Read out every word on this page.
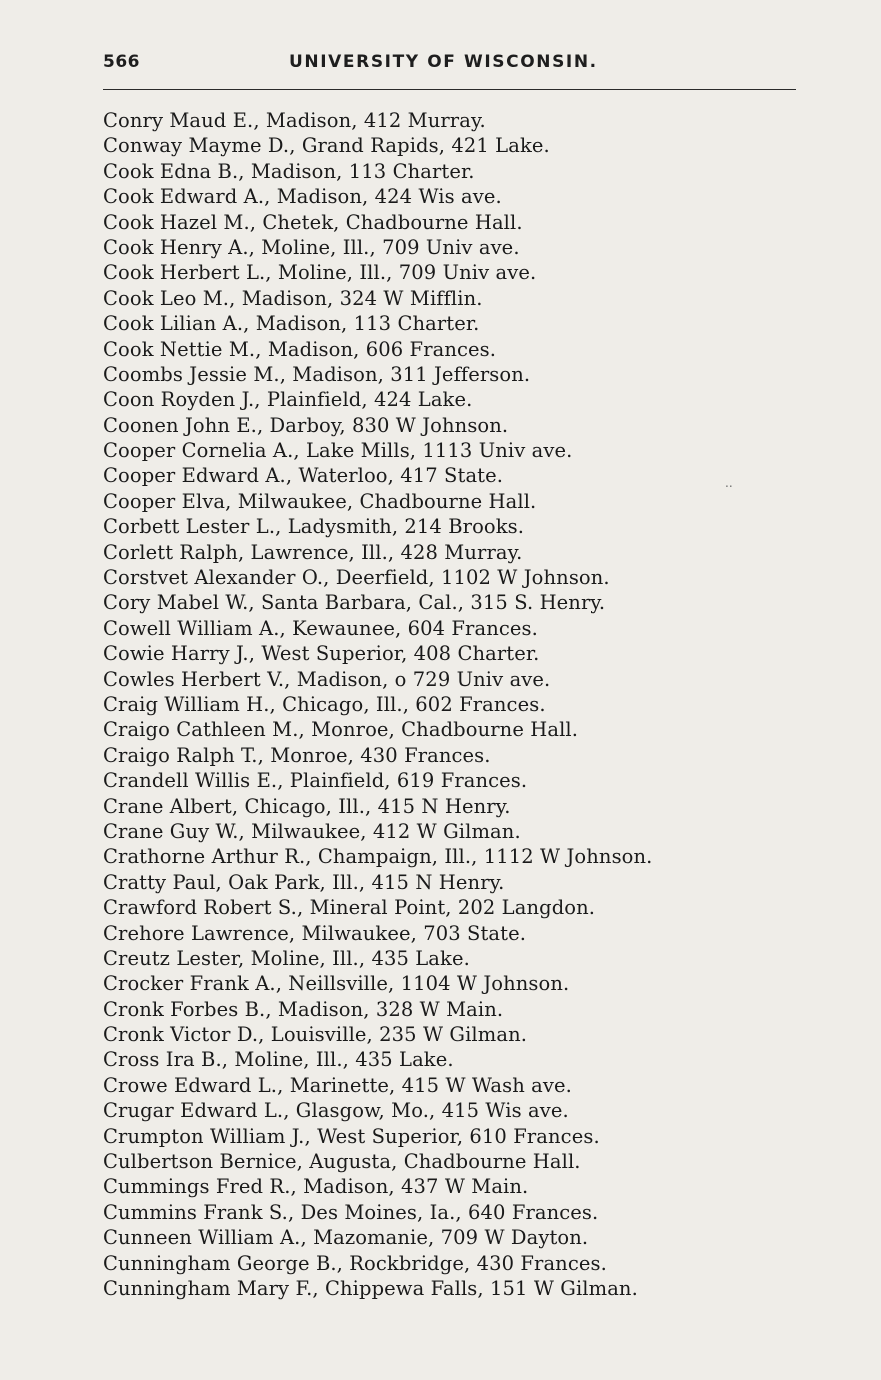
566	UNIVERSITY OF WISCONSIN.
Conry Maud E., Madison, 412 Murray.
Conway Mayme D., Grand Rapids, 421 Lake.
Cook Edna B., Madison, 113 Charter.
Cook Edward A., Madison, 424 Wis ave.
Cook Hazel M., Chetek, Chadbourne Hall.
Cook Henry A., Moline, Ill., 709 Univ ave.
Cook Herbert L., Moline, Ill., 709 Univ ave.
Cook Leo M., Madison, 324 W Mifflin.
Cook Lilian A., Madison, 113 Charter.
Cook Nettie M., Madison, 606 Frances.
Coombs Jessie M., Madison, 311 Jefferson.
Coon Royden J., Plainfield, 424 Lake.
Coonen John E., Darboy, 830 W Johnson.
Cooper Cornelia A., Lake Mills, 1113 Univ ave.
Cooper Edward A., Waterloo, 417 State.
Cooper Elva, Milwaukee, Chadbourne Hall.
Corbett Lester L., Ladysmith, 214 Brooks.
Corlett Ralph, Lawrence, Ill., 428 Murray.
Corstvet Alexander O., Deerfield, 1102 W Johnson.
Cory Mabel W., Santa Barbara, Cal., 315 S. Henry.
Cowell William A., Kewaunee, 604 Frances.
Cowie Harry J., West Superior, 408 Charter.
Cowles Herbert V., Madison, o 729 Univ ave.
Craig William H., Chicago, Ill., 602 Frances.
Craigo Cathleen M., Monroe, Chadbourne Hall.
Craigo Ralph T., Monroe, 430 Frances.
Crandell Willis E., Plainfield, 619 Frances.
Crane Albert, Chicago, Ill., 415 N Henry.
Crane Guy W., Milwaukee, 412 W Gilman.
Crathorne Arthur R., Champaign, Ill., 1112 W Johnson.
Cratty Paul, Oak Park, Ill., 415 N Henry.
Crawford Robert S., Mineral Point, 202 Langdon.
Crehore Lawrence, Milwaukee, 703 State.
Creutz Lester, Moline, Ill., 435 Lake.
Crocker Frank A., Neillsville, 1104 W Johnson.
Cronk Forbes B., Madison, 328 W Main.
Cronk Victor D., Louisville, 235 W Gilman.
Cross Ira B., Moline, Ill., 435 Lake.
Crowe Edward L., Marinette, 415 W Wash ave.
Crugar Edward L., Glasgow, Mo., 415 Wis ave.
Crumpton William J., West Superior, 610 Frances.
Culbertson Bernice, Augusta, Chadbourne Hall.
Cummings Fred R., Madison, 437 W Main.
Cummins Frank S., Des Moines, Ia., 640 Frances.
Cunneen William A., Mazomanie, 709 W Dayton.
Cunningham George B., Rockbridge, 430 Frances.
Cunningham Mary F., Chippewa Falls, 151 W Gilman.
..
